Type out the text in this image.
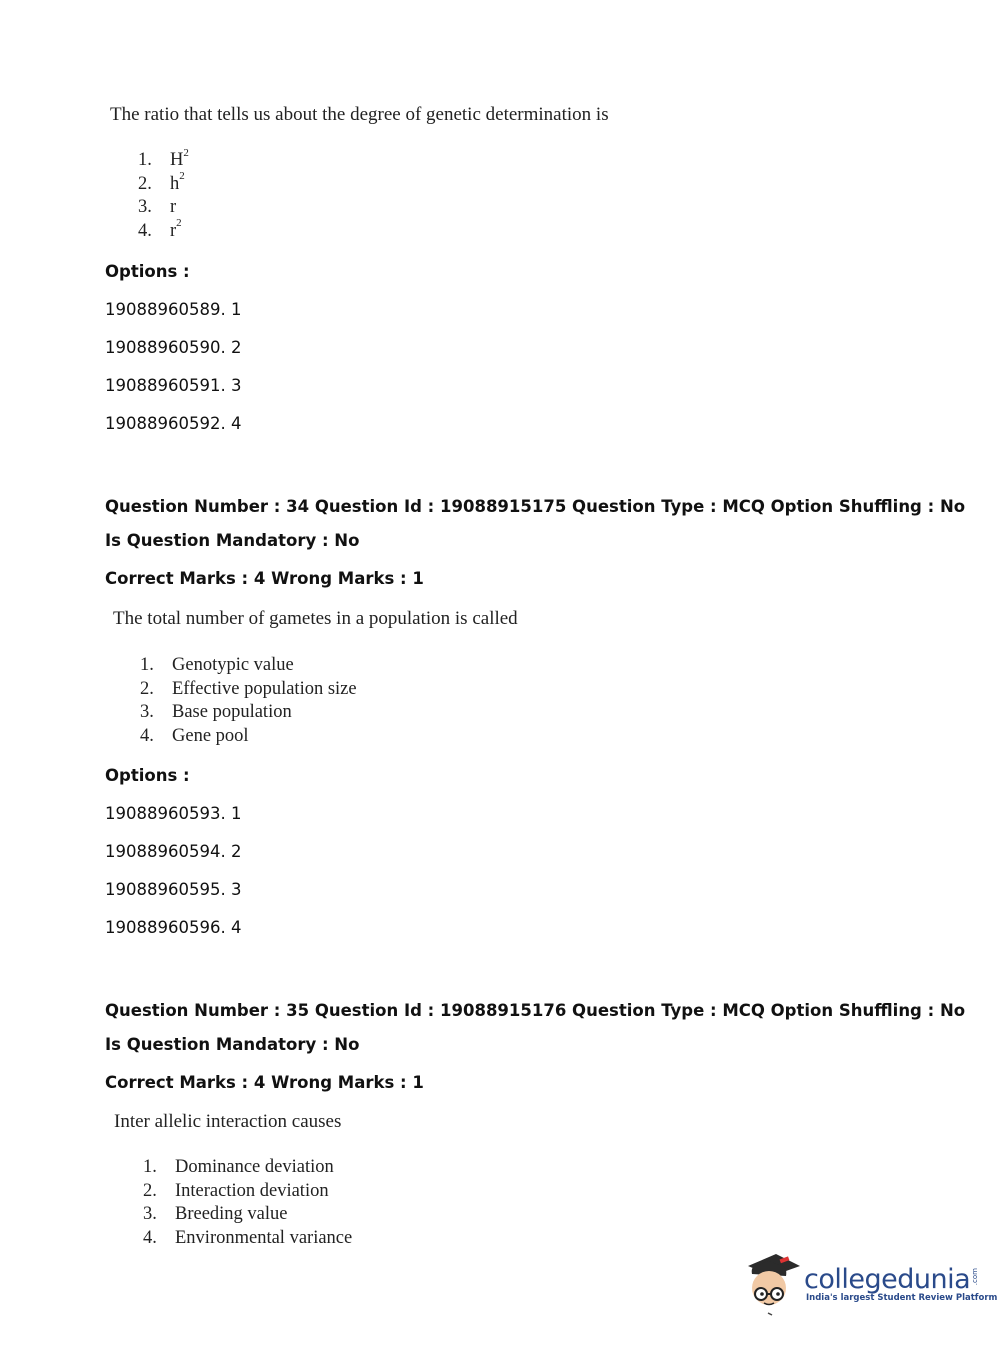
The ratio that tells us about the degree of genetic determination is
1. $H^2$
2. $h^2$
3. r
4. $r^2$
Options :
19088960589. 1
19088960590. 2
19088960591. 3
19088960592. 4
Question Number : 34 Question Id : 19088915175 Question Type : MCQ Option Shuffling : No
Is Question Mandatory : No
Correct Marks : 4 Wrong Marks : 1
The total number of gametes in a population is called
1. Genotypic value
2. Effective population size
3. Base population
4. Gene pool
Options :
19088960593. 1
19088960594. 2
19088960595. 3
19088960596. 4
Question Number : 35 Question Id : 19088915176 Question Type : MCQ Option Shuffling : No
Is Question Mandatory : No
Correct Marks : 4 Wrong Marks : 1
Inter allelic interaction causes
1. Dominance deviation
2. Interaction deviation
3. Breeding value
4. Environmental variance
collegedunia .com
India's largest Student Review Platform
